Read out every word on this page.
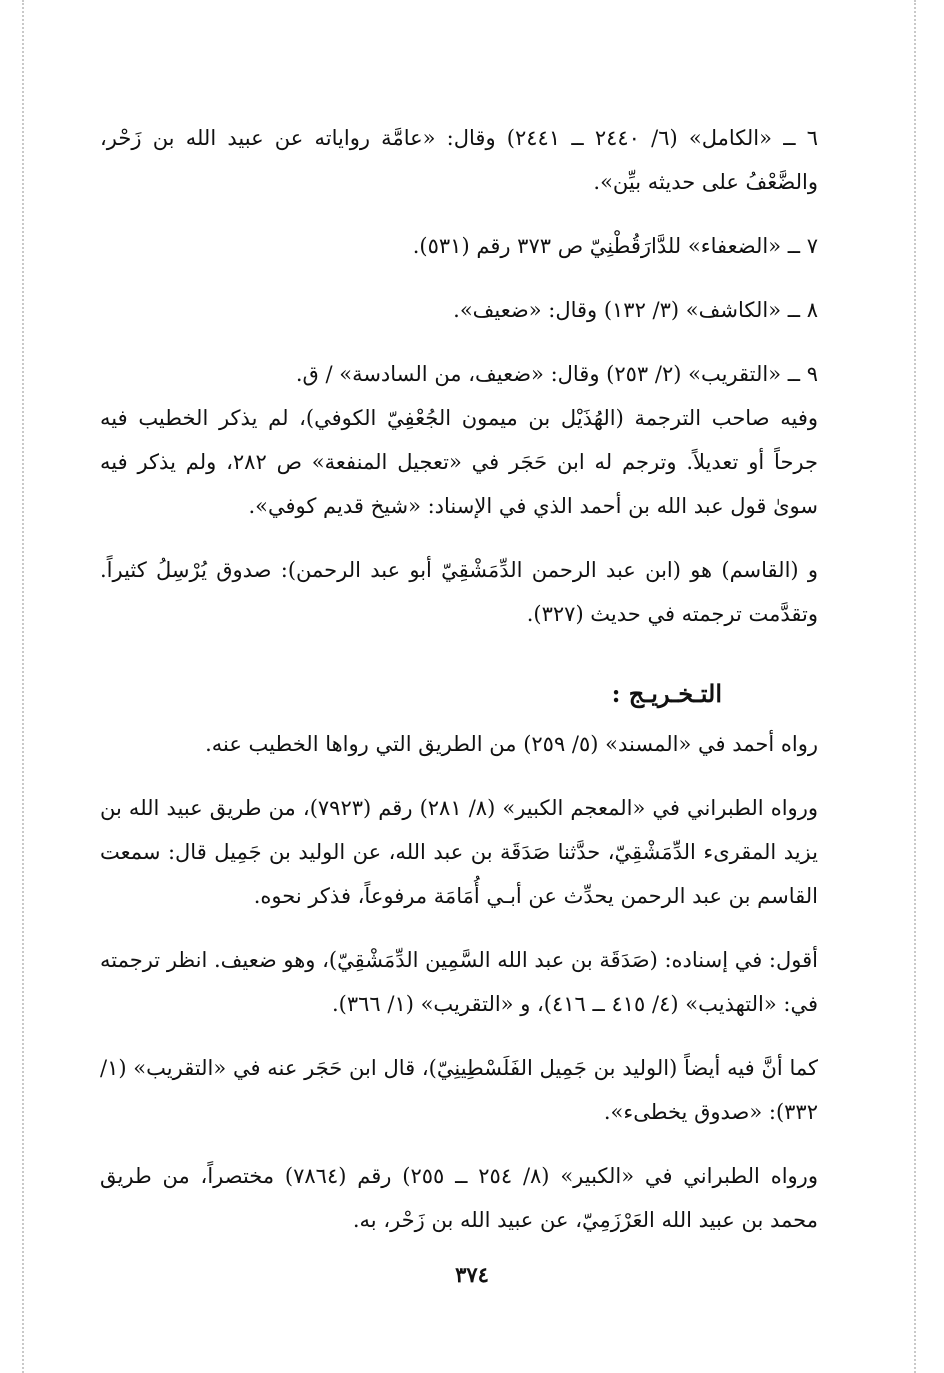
٦ ــ «الكامل» (٦/ ٢٤٤٠ ــ ٢٤٤١) وقال: «عامَّة رواياته عن عبيد الله بن زَحْر، والضَّعْفُ على حديثه بيِّن».

٧ ــ «الضعفاء» للدَّارَقُطْنِيّ ص ٣٧٣ رقم (٥٣١).

٨ ــ «الكاشف» (٣/ ١٣٢) وقال: «ضعيف».

٩ ــ «التقريب» (٢/ ٢٥٣) وقال: «ضعيف، من السادسة» / ق.

وفيه صاحب الترجمة (الهُذَيْل بن ميمون الجُعْفِيّ الكوفي)، لم يذكر الخطيب فيه جرحاً أو تعديلاً. وترجم له ابن حَجَر في «تعجيل المنفعة» ص ٢٨٢، ولم يذكر فيه سوىٰ قول عبد الله بن أحمد الذي في الإسناد: «شيخ قديم كوفي».

و (القاسم) هو (ابن عبد الرحمن الدِّمَشْقِيّ أبو عبد الرحمن): صدوق يُرْسِلُ كثيراً. وتقدَّمت ترجمته في حديث (٣٢٧).

التـخـريـج :

رواه أحمد في «المسند» (٥/ ٢٥٩) من الطريق التي رواها الخطيب عنه.

ورواه الطبراني في «المعجم الكبير» (٨/ ٢٨١) رقم (٧٩٢٣)، من طريق عبيد الله بن يزيد المقرىء الدِّمَشْقِيّ، حدَّثنا صَدَقَة بن عبد الله، عن الوليد بن جَمِيل قال: سمعت القاسم بن عبد الرحمن يحدِّث عن أبـي أُمَامَة مرفوعاً، فذكر نحوه.

أقول: في إسناده: (صَدَقَة بن عبد الله السَّمِين الدِّمَشْقِيّ)، وهو ضعيف. انظر ترجمته في: «التهذيب» (٤/ ٤١٥ ــ ٤١٦)، و «التقريب» (١/ ٣٦٦).

كما أنَّ فيه أيضاً (الوليد بن جَمِيل الفَلَسْطِينِيّ)، قال ابن حَجَر عنه في «التقريب» (١/ ٣٣٢): «صدوق يخطىء».

ورواه الطبراني في «الكبير» (٨/ ٢٥٤ ــ ٢٥٥) رقم (٧٨٦٤) مختصراً، من طريق محمد بن عبيد الله العَرْزَمِيّ، عن عبيد الله بن زَحْر، به.

٣٧٤
